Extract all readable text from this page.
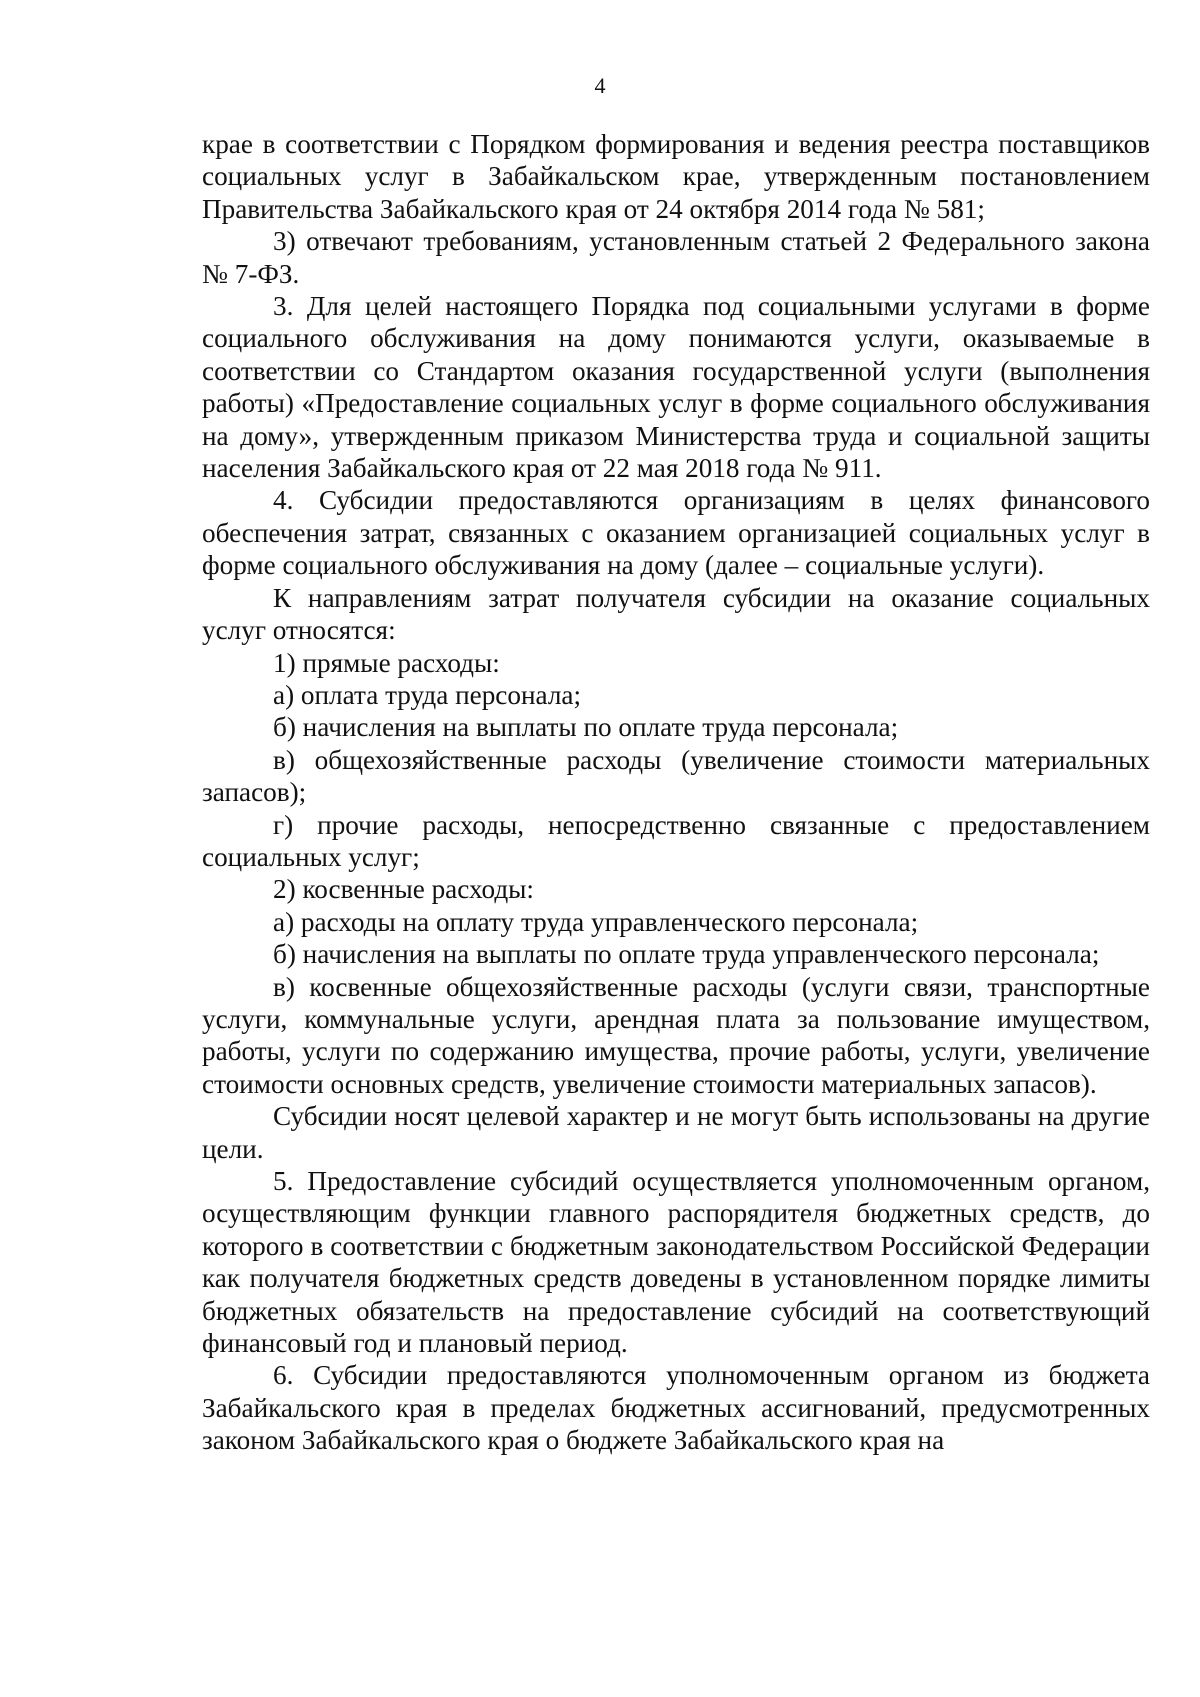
4

крае в соответствии с Порядком формирования и ведения реестра поставщиков социальных услуг в Забайкальском крае, утвержденным постановлением Правительства Забайкальского края от 24 октября 2014 года № 581;

3) отвечают требованиям, установленным статьей 2 Федерального закона № 7-ФЗ.

3. Для целей настоящего Порядка под социальными услугами в форме социального обслуживания на дому понимаются услуги, оказываемые в соответствии со Стандартом оказания государственной услуги (выполнения работы) «Предоставление социальных услуг в форме социального обслуживания на дому», утвержденным приказом Министерства труда и социальной защиты населения Забайкальского края от 22 мая 2018 года № 911.

4. Субсидии предоставляются организациям в целях финансового обеспечения затрат, связанных с оказанием организацией социальных услуг в форме социального обслуживания на дому (далее – социальные услуги).

К направлениям затрат получателя субсидии на оказание социальных услуг относятся:

1) прямые расходы:

а) оплата труда персонала;

б) начисления на выплаты по оплате труда персонала;

в) общехозяйственные расходы (увеличение стоимости материальных запасов);

г) прочие расходы, непосредственно связанные с предоставлением социальных услуг;

2) косвенные расходы:

а) расходы на оплату труда управленческого персонала;

б) начисления на выплаты по оплате труда управленческого персонала;

в) косвенные общехозяйственные расходы (услуги связи, транспортные услуги, коммунальные услуги, арендная плата за пользование имуществом, работы, услуги по содержанию имущества, прочие работы, услуги, увеличение стоимости основных средств, увеличение стоимости материальных запасов).

Субсидии носят целевой характер и не могут быть использованы на другие цели.

5. Предоставление субсидий осуществляется уполномоченным органом, осуществляющим функции главного распорядителя бюджетных средств, до которого в соответствии с бюджетным законодательством Российской Федерации как получателя бюджетных средств доведены в установленном порядке лимиты бюджетных обязательств на предоставление субсидий на соответствующий финансовый год и плановый период.

6. Субсидии предоставляются уполномоченным органом из бюджета Забайкальского края в пределах бюджетных ассигнований, предусмотренных законом Забайкальского края о бюджете Забайкальского края на
